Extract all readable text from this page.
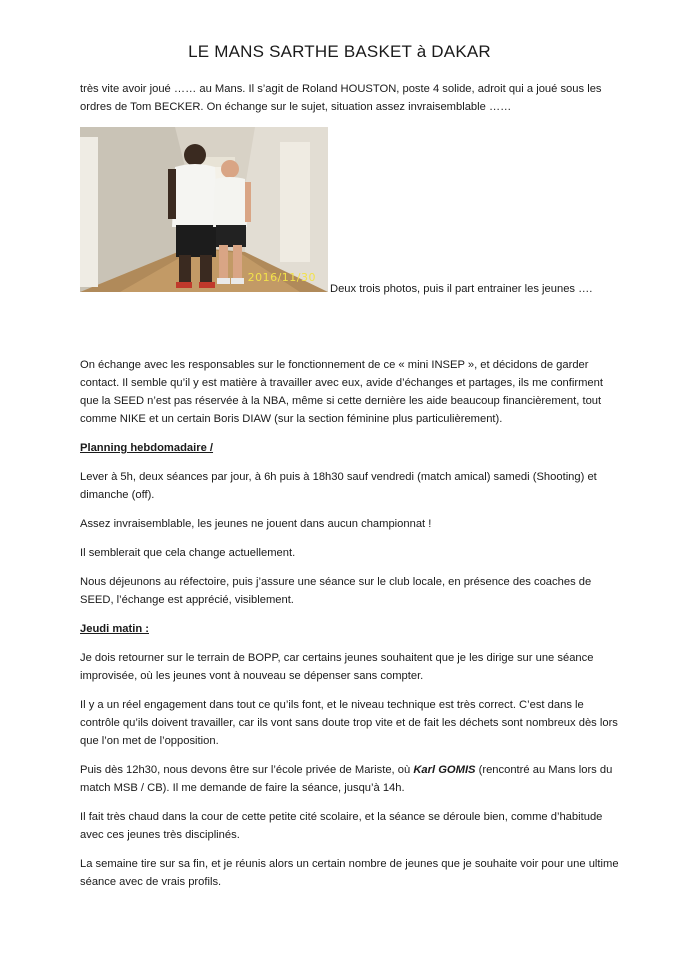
LE MANS SARTHE BASKET à DAKAR

très vite avoir joué …… au Mans. Il s’agit de Roland HOUSTON, poste 4 solide, adroit qui a joué sous les ordres de Tom BECKER. On échange sur le sujet, situation assez invraisemblable ……

2016/11/30
Deux trois photos, puis il part entrainer les jeunes ….

On échange avec les responsables sur le fonctionnement de ce « mini INSEP », et décidons de garder contact. Il semble qu’il y est matière à travailler avec eux, avide d’échanges et partages, ils me confirment que la SEED n’est pas réservée à la NBA, même si cette dernière les aide beaucoup financièrement, tout comme NIKE et un certain Boris DIAW (sur la section féminine plus particulièrement).

Planning hebdomadaire /

Lever à 5h, deux séances par jour, à 6h puis à 18h30 sauf vendredi (match amical) samedi (Shooting) et dimanche (off).

Assez invraisemblable, les jeunes ne jouent dans aucun championnat !

Il semblerait que cela change actuellement.

Nous déjeunons au réfectoire, puis j’assure une séance sur le club locale, en présence des coaches de SEED, l’échange est apprécié, visiblement.

Jeudi matin :

Je dois retourner sur le terrain de BOPP, car certains jeunes souhaitent que je les dirige sur une séance improvisée, où les jeunes vont à nouveau se dépenser sans compter.

Il y a un réel engagement dans tout ce qu’ils font, et le niveau technique est très correct. C’est dans le contrôle qu’ils doivent travailler, car ils vont sans doute trop vite et de fait les déchets sont nombreux dès lors que l’on met de l’opposition.

Puis dès 12h30, nous devons être sur l’école privée de Mariste, où Karl GOMIS (rencontré au Mans lors du match MSB / CB). Il me demande de faire la séance, jusqu’à 14h.

Il fait très chaud dans la cour de cette petite cité scolaire, et la séance se déroule bien, comme d’habitude avec ces jeunes très disciplinés.

La semaine tire sur sa fin, et je réunis alors un certain nombre de jeunes que je souhaite voir pour une ultime séance avec de vrais profils.
